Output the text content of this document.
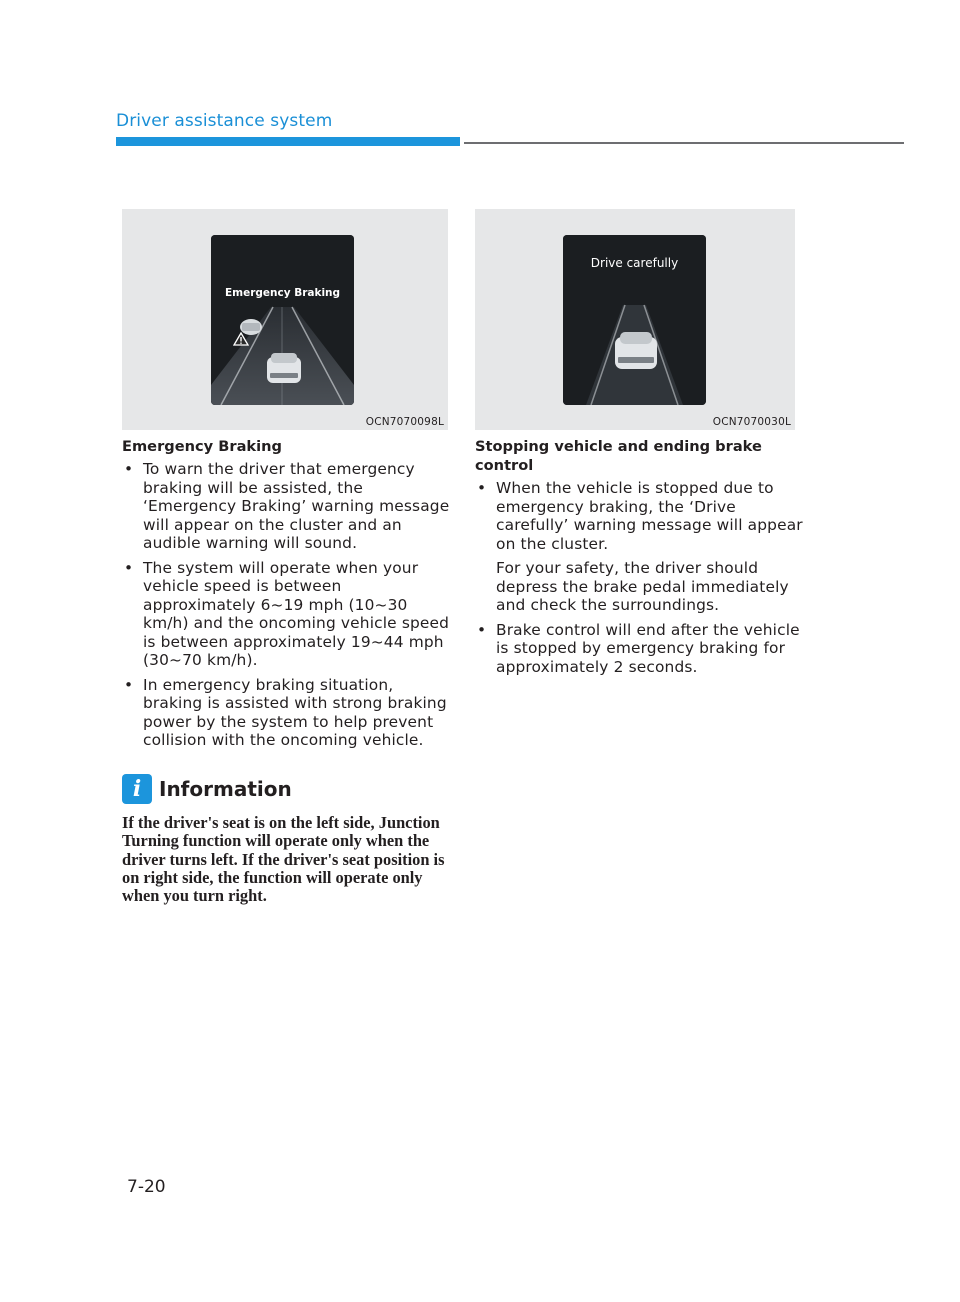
Driver assistance system
Emergency Braking
OCN7070098L
Drive carefully
OCN7070030L
Emergency Braking
• To warn the driver that emergency braking will be assisted, the ‘Emergency Braking’ warning message will appear on the cluster and an audible warning will sound.
• The system will operate when your vehicle speed is between approximately 6~19 mph (10~30 km/h) and the oncoming vehicle speed is between approximately 19~44 mph (30~70 km/h).
• In emergency braking situation, braking is assisted with strong braking power by the system to help prevent collision with the oncoming vehicle.
Stopping vehicle and ending brake control
• When the vehicle is stopped due to emergency braking, the ‘Drive carefully’ warning message will appear on the cluster.
For your safety, the driver should depress the brake pedal immediately and check the surroundings.
• Brake control will end after the vehicle is stopped by emergency braking for approximately 2 seconds.
i Information
If the driver's seat is on the left side, Junction Turning function will operate only when the driver turns left. If the driver's seat position is on right side, the function will operate only when you turn right.
7-20
